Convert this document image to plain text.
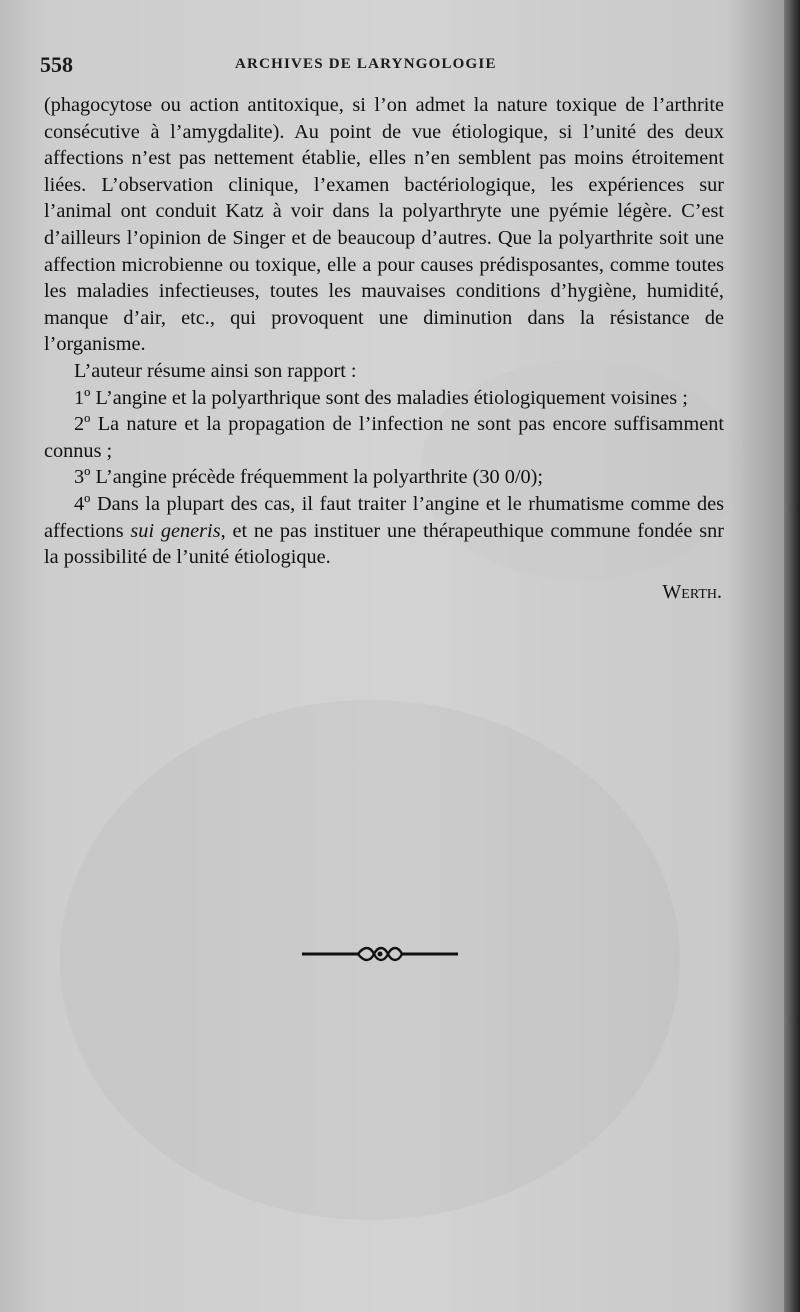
558	ARCHIVES DE LARYNGOLOGIE

(phagocytose ou action antitoxique, si l’on admet la nature toxique de l’arthrite consécutive à l’amygdalite). Au point de vue étiologique, si l’unité des deux affections n’est pas nettement établie, elles n’en semblent pas moins étroitement liées. L’observation clinique, l’examen bactériologique, les expériences sur l’animal ont conduit Katz à voir dans la polyarthryte une pyémie légère. C’est d’ailleurs l’opinion de Singer et de beaucoup d’autres. Que la polyarthrite soit une affection microbienne ou toxique, elle a pour causes prédisposantes, comme toutes les maladies infectieuses, toutes les mauvaises conditions d’hygiène, humidité, manque d’air, etc., qui provoquent une diminution dans la résistance de l’organisme.

L’auteur résume ainsi son rapport :

1º L’angine et la polyarthrique sont des maladies étiologiquement voisines ;

2º La nature et la propagation de l’infection ne sont pas encore suffisamment connus ;

3º L’angine précède fréquemment la polyarthrite (30 0/0);

4º Dans la plupart des cas, il faut traiter l’angine et le rhumatisme comme des affections sui generis, et ne pas instituer une thérapeuthique commune fondée snr la possibilité de l’unité étiologique.

Werth.
